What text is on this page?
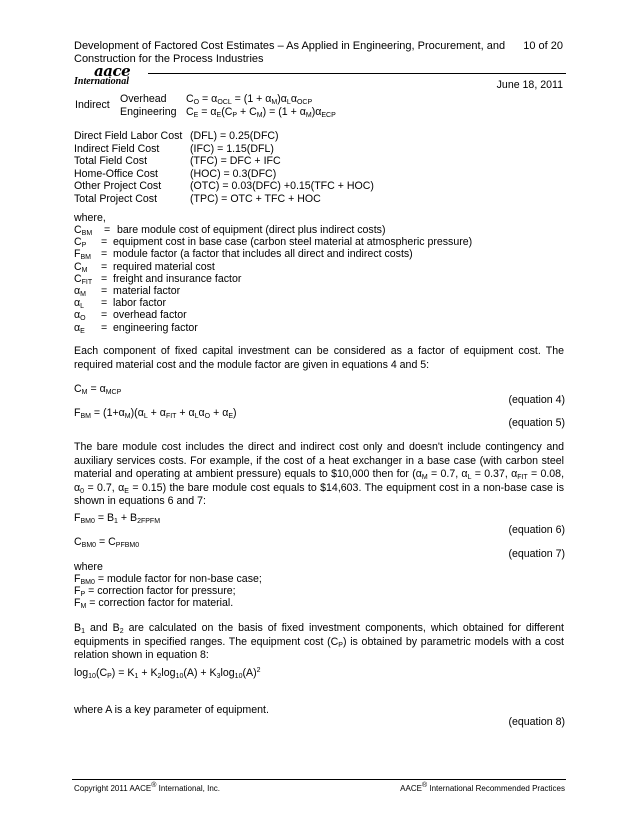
Development of Factored Cost Estimates – As Applied in Engineering, Procurement, and
Construction for the Process Industries
10 of 20
aace
International	June 18, 2011
Indirect Overhead $C_O = \alpha_{OCL} = (1 + \alpha_M)\alpha_L\alpha_{OCP}$
Engineering $C_E = \alpha_E(C_P + C_M) = (1 + \alpha_M)\alpha_{ECP}$
Direct Field Labor Cost (DFL) = 0.25(DFC)
Indirect Field Cost	(IFC) = 1.15(DFL)
Total Field Cost	(TFC) = DFC + IFC
Home-Office Cost	(HOC) = 0.3(DFC)
Other Project Cost	(OTC) = 0.03(DFC) +0.15(TFC + HOC)
Total Project Cost	(TPC) = OTC + TFC + HOC
where,
$C_{BM}$ = bare module cost of equipment (direct plus indirect costs)
$C_P$ = equipment cost in base case (carbon steel material at atmospheric pressure)
$F_{BM}$ = module factor (a factor that includes all direct and indirect costs)
$C_M$ = required material cost
$C_{FIT}$ = freight and insurance factor
$\alpha_M$ = material factor
$\alpha_L$ = labor factor
$\alpha_O$ = overhead factor
$\alpha_E$ = engineering factor
Each component of fixed capital investment can be considered as a factor of equipment cost. The required material cost and the module factor are given in equations 4 and 5:
$C_M = \alpha_{MCP}$
(equation 4)
$F_{BM} = (1+\alpha_M)(\alpha_L + \alpha_{FIT} + \alpha_L\alpha_O + \alpha_E)$
(equation 5)
The bare module cost includes the direct and indirect cost only and doesn't include contingency and auxiliary services costs. For example, if the cost of a heat exchanger in a base case (with carbon steel material and operating at ambient pressure) equals to $10,000 then for ($\alpha_M = 0.7$, $\alpha_L = 0.37$, $\alpha_{FIT} = 0.08$, $\alpha_0 = 0.7$, $\alpha_E = 0.15$) the bare module cost equals to $14,603. The equipment cost in a non-base case is shown in equations 6 and 7:
$F_{BM0} = B_1 + B_{2FPFM}$
(equation 6)
$C_{BM0} = C_{PFBM0}$
(equation 7)
where
$F_{BM0}$ = module factor for non-base case;
$F_P$ = correction factor for pressure;
$F_M$ = correction factor for material.
$B_1$ and $B_2$ are calculated on the basis of fixed investment components, which obtained for different equipments in specified ranges. The equipment cost $(C_P)$ is obtained by parametric models with a cost relation shown in equation 8:
$\log_{10}(C_P) = K_1 + K_2\log_{10}(A) + K_3\log_{10}(A)^2$
where A is a key parameter of equipment.
(equation 8)
Copyright 2011 AACE® International, Inc.	AACE® International Recommended Practices
